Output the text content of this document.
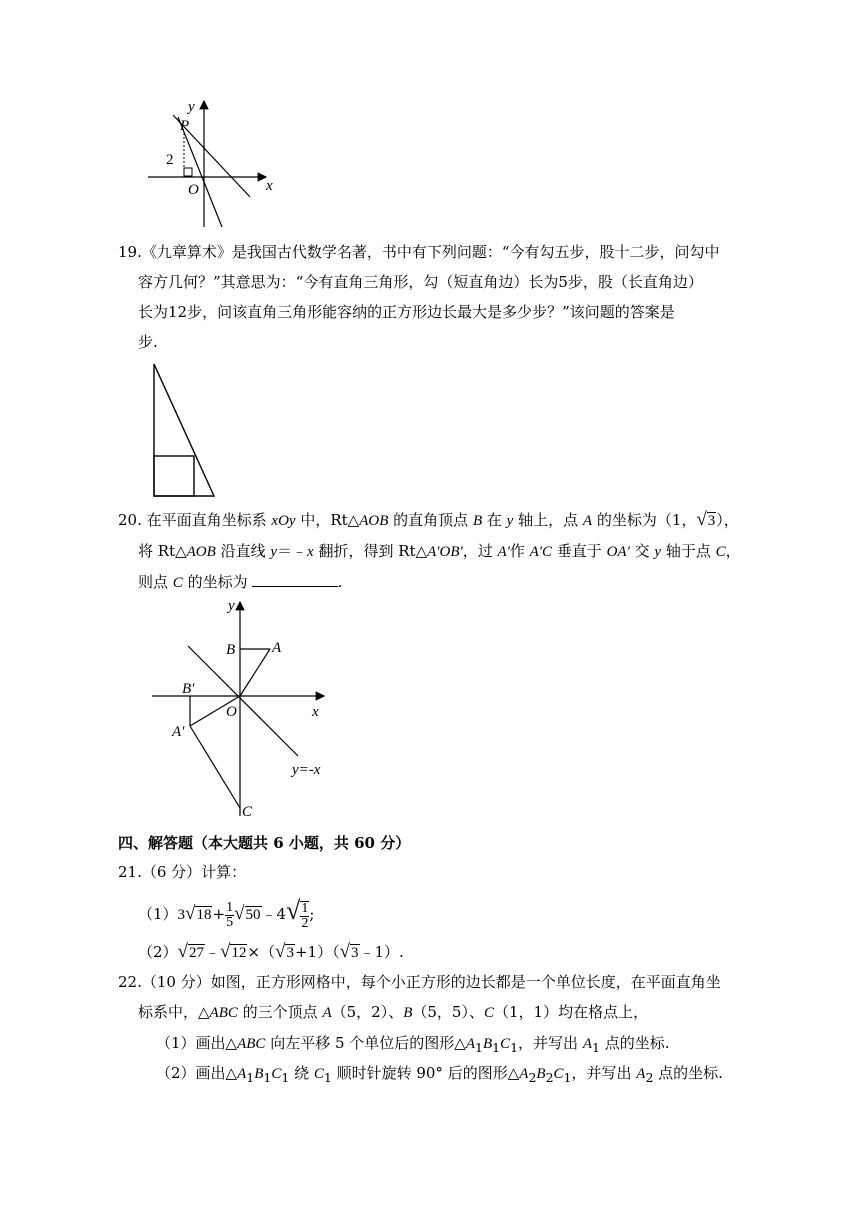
y
x
P
O
2
19.《九章算术》是我国古代数学名著，书中有下列问题：“今有勾五步，股十二步，问勾中
容方几何？”其意思为：“今有直角三角形，勾（短直角边）长为5步，股（长直角边）
长为12步，问该直角三角形能容纳的正方形边长最大是多少步？”该问题的答案是
步.
20. 在平面直角坐标系 xOy 中，Rt△AOB 的直角顶点 B 在 y 轴上，点 A 的坐标为（1，√3），
将 Rt△AOB 沿直线 y＝﹣x 翻折，得到 Rt△A'OB'，过 A'作 A'C 垂直于 OA′ 交 y 轴于点 C，
则点 C 的坐标为	.
y
x
B A
B′
A′
O
C
y=-x
四、解答题（本大题共 6 小题，共 60 分）
21.（6 分）计算：
$(1)3√18+ \frac{1}{5}$ √50﹣4√ $\frac{1}{2}$ ;
（2）√27﹣√12×（√3+1）（√3﹣1）.
22.（10 分）如图，正方形网格中，每个小正方形的边长都是一个单位长度，在平面直角坐
标系中，△ABC 的三个顶点 A（5，2）、B（5，5）、C（1，1）均在格点上，
（1）画出△ABC 向左平移 5 个单位后的图形$\triangle A_1B_1C_1$，并写出 $A_1$ 点的坐标.
（2）画出$\triangle A_1B_1C_1$ 绕 $C_1$ 顺时针旋转 90° 后的图形$\triangle A_2B_2C_1$，并写出 $A_2$ 点的坐标.
